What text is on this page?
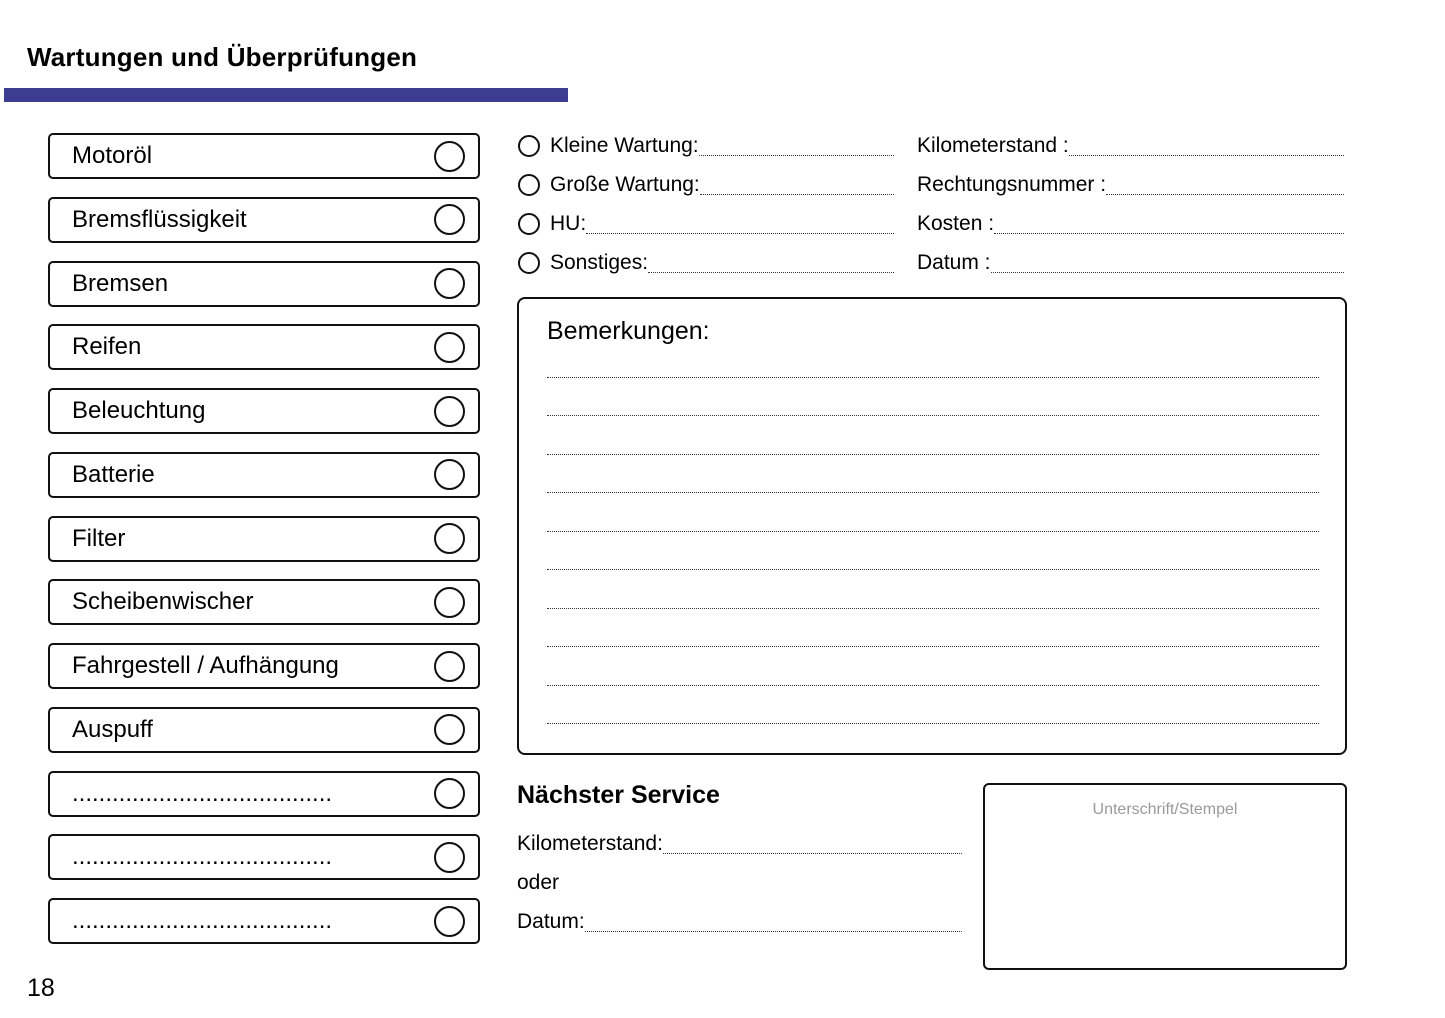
Wartungen und Überprüfungen
Motoröl
Bremsflüssigkeit
Bremsen
Reifen
Beleuchtung
Batterie
Filter
Scheibenwischer
Fahrgestell / Aufhängung
Auspuff
.......................................
.......................................
.......................................
Kleine Wartung:
Große Wartung:
HU:
Sonstiges:
Kilometerstand :
Rechtungsnummer :
Kosten :
Datum :
Bemerkungen:
Nächster Service
Kilometerstand:
oder
Datum:
Unterschrift/Stempel
18
